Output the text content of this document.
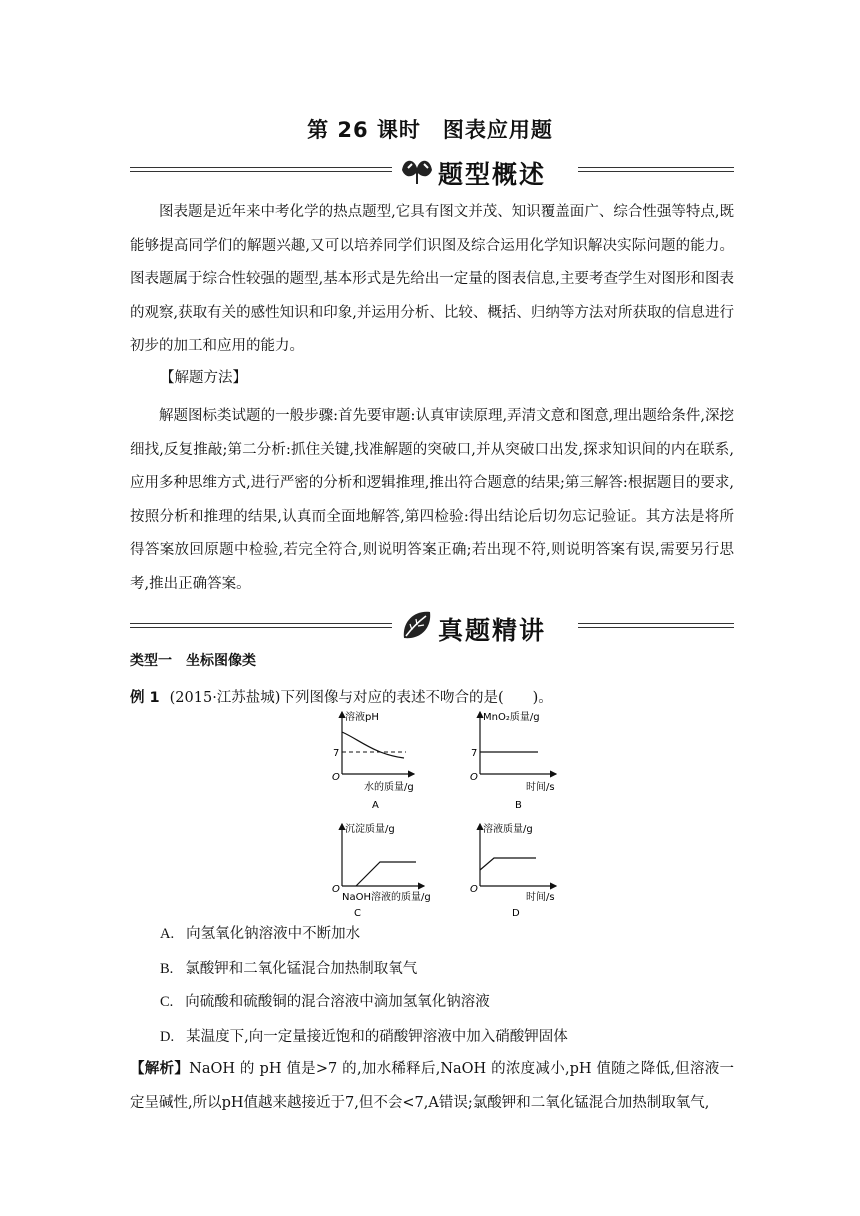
第 26 课时 图表应用题
题型概述

图表题是近年来中考化学的热点题型,它具有图文并茂、知识覆盖面广、综合性强等特点,既能够提高同学们的解题兴趣,又可以培养同学们识图及综合运用化学知识解决实际问题的能力。图表题属于综合性较强的题型,基本形式是先给出一定量的图表信息,主要考查学生对图形和图表的观察,获取有关的感性知识和印象,并运用分析、比较、概括、归纳等方法对所获取的信息进行初步的加工和应用的能力。

【解题方法】

解题图标类试题的一般步骤:首先要审题:认真审读原理,弄清文意和图意,理出题给条件,深挖细找,反复推敲;第二分析:抓住关键,找准解题的突破口,并从突破口出发,探求知识间的内在联系,应用多种思维方式,进行严密的分析和逻辑推理,推出符合题意的结果;第三解答:根据题目的要求,按照分析和推理的结果,认真而全面地解答,第四检验:得出结论后切勿忘记验证。其方法是将所得答案放回原题中检验,若完全符合,则说明答案正确;若出现不符,则说明答案有误,需要另行思考,推出正确答案。

真题精讲
类型一　坐标图像类
例 1 (2015·江苏盐城)下列图像与对应的表述不吻合的是(　　)。
溶液pH
7
O
水的质量/g
A
MnO₂质量/g
7
O
时间/s
B
沉淀质量/g
O
NaOH溶液的质量/g
C
溶液质量/g
O
时间/s
D
A. 向氢氧化钠溶液中不断加水
B. 氯酸钾和二氧化锰混合加热制取氧气
C. 向硫酸和硫酸铜的混合溶液中滴加氢氧化钠溶液
D. 某温度下,向一定量接近饱和的硝酸钾溶液中加入硝酸钾固体

【解析】NaOH 的 pH 值是>7 的,加水稀释后,NaOH 的浓度减小,pH 值随之降低,但溶液一定呈碱性,所以pH值越来越接近于7,但不会<7,A错误;氯酸钾和二氧化锰混合加热制取氧气,
